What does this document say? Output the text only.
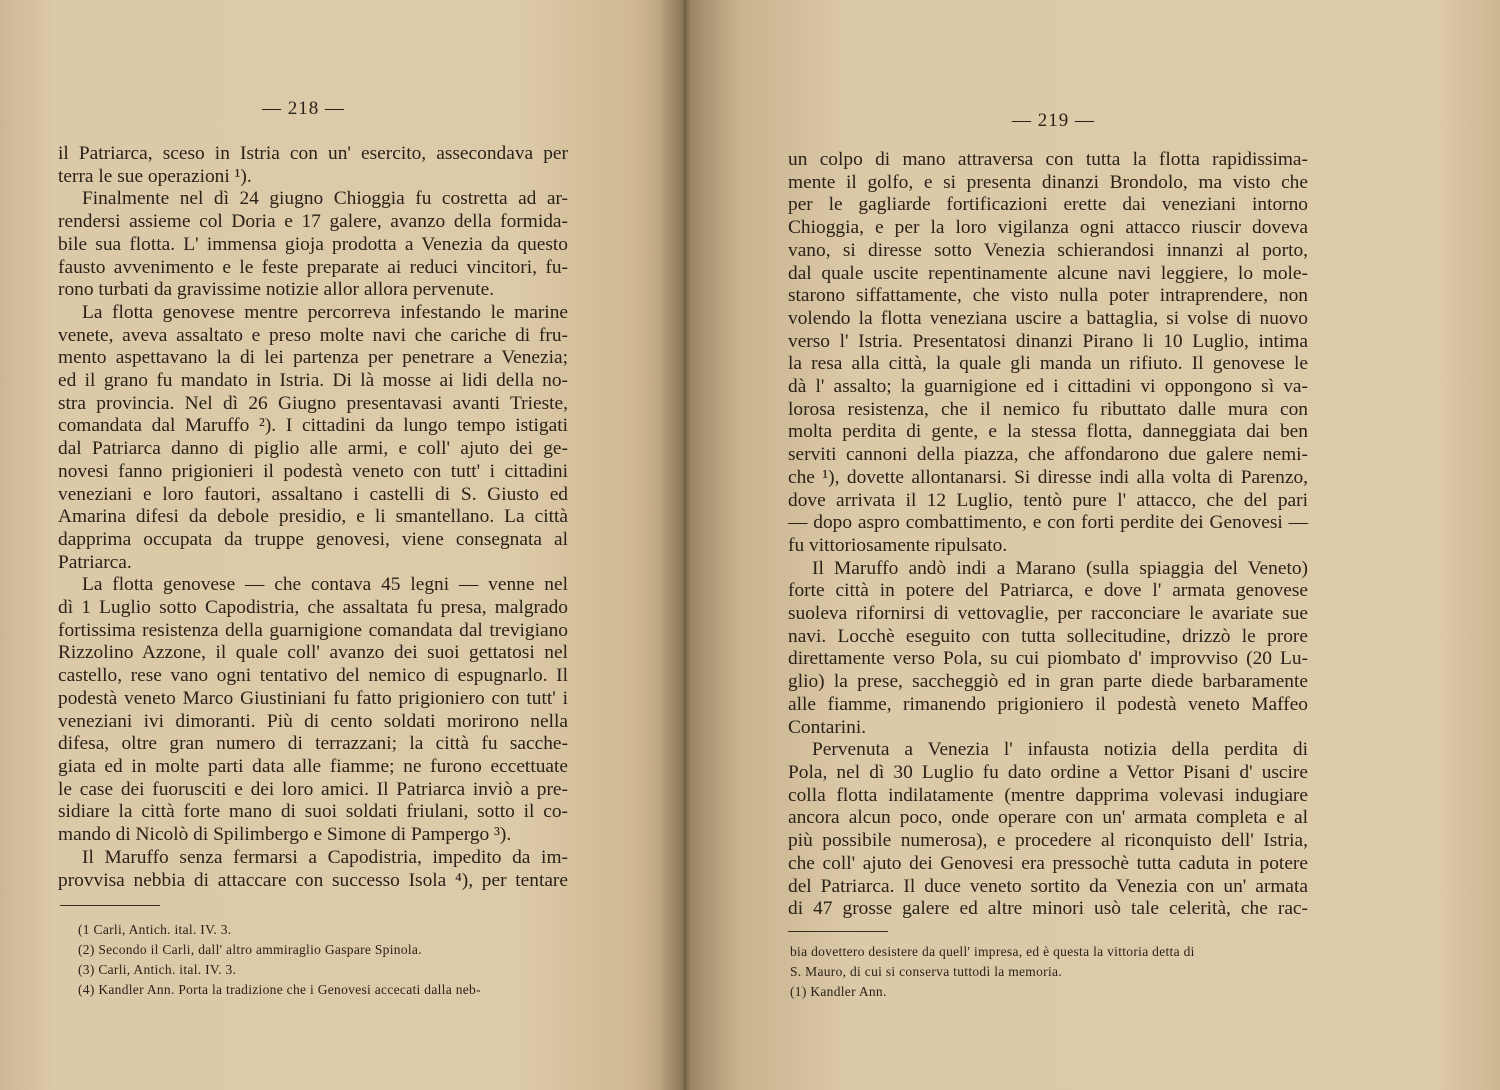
— 218 —
il Patriarca, sceso in Istria con un' esercito, assecondava per
terra le sue operazioni ¹).
Finalmente nel dì 24 giugno Chioggia fu costretta ad ar-
rendersi assieme col Doria e 17 galere, avanzo della formida-
bile sua flotta. L' immensa gioja prodotta a Venezia da questo
fausto avvenimento e le feste preparate ai reduci vincitori, fu-
rono turbati da gravissime notizie allor allora pervenute.
La flotta genovese mentre percorreva infestando le marine
venete, aveva assaltato e preso molte navi che cariche di fru-
mento aspettavano la di lei partenza per penetrare a Venezia;
ed il grano fu mandato in Istria. Di là mosse ai lidi della no-
stra provincia. Nel dì 26 Giugno presentavasi avanti Trieste,
comandata dal Maruffo ²). I cittadini da lungo tempo istigati
dal Patriarca danno di piglio alle armi, e coll' ajuto dei ge-
novesi fanno prigionieri il podestà veneto con tutt' i cittadini
veneziani e loro fautori, assaltano i castelli di S. Giusto ed
Amarina difesi da debole presidio, e li smantellano. La città
dapprima occupata da truppe genovesi, viene consegnata al
Patriarca.
La flotta genovese — che contava 45 legni — venne nel
dì 1 Luglio sotto Capodistria, che assaltata fu presa, malgrado
fortissima resistenza della guarnigione comandata dal trevigiano
Rizzolino Azzone, il quale coll' avanzo dei suoi gettatosi nel
castello, rese vano ogni tentativo del nemico di espugnarlo. Il
podestà veneto Marco Giustiniani fu fatto prigioniero con tutt' i
veneziani ivi dimoranti. Più di cento soldati morirono nella
difesa, oltre gran numero di terrazzani; la città fu sacche-
giata ed in molte parti data alle fiamme; ne furono eccettuate
le case dei fuorusciti e dei loro amici. Il Patriarca inviò a pre-
sidiare la città forte mano di suoi soldati friulani, sotto il co-
mando di Nicolò di Spilimbergo e Simone di Pampergo ³).
Il Maruffo senza fermarsi a Capodistria, impedito da im-
provvisa nebbia di attaccare con successo Isola ⁴), per tentare
(1 Carli, Antich. ital. IV. 3.
(2) Secondo il Carli, dall' altro ammiraglio Gaspare Spinola.
(3) Carli, Antich. ital. IV. 3.
(4) Kandler Ann. Porta la tradizione che i Genovesi accecati dalla neb-
— 219 —
un colpo di mano attraversa con tutta la flotta rapidissima-
mente il golfo, e si presenta dinanzi Brondolo, ma visto che
per le gagliarde fortificazioni erette dai veneziani intorno
Chioggia, e per la loro vigilanza ogni attacco riuscir doveva
vano, si diresse sotto Venezia schierandosi innanzi al porto,
dal quale uscite repentinamente alcune navi leggiere, lo mole-
starono siffattamente, che visto nulla poter intraprendere, non
volendo la flotta veneziana uscire a battaglia, si volse di nuovo
verso l' Istria. Presentatosi dinanzi Pirano li 10 Luglio, intima
la resa alla città, la quale gli manda un rifiuto. Il genovese le
dà l' assalto; la guarnigione ed i cittadini vi oppongono sì va-
lorosa resistenza, che il nemico fu ributtato dalle mura con
molta perdita di gente, e la stessa flotta, danneggiata dai ben
serviti cannoni della piazza, che affondarono due galere nemi-
che ¹), dovette allontanarsi. Si diresse indi alla volta di Parenzo,
dove arrivata il 12 Luglio, tentò pure l' attacco, che del pari
— dopo aspro combattimento, e con forti perdite dei Genovesi —
fu vittoriosamente ripulsato.
Il Maruffo andò indi a Marano (sulla spiaggia del Veneto)
forte città in potere del Patriarca, e dove l' armata genovese
suoleva rifornirsi di vettovaglie, per racconciare le avariate sue
navi. Locchè eseguito con tutta sollecitudine, drizzò le prore
direttamente verso Pola, su cui piombato d' improvviso (20 Lu-
glio) la prese, saccheggiò ed in gran parte diede barbaramente
alle fiamme, rimanendo prigioniero il podestà veneto Maffeo
Contarini.
Pervenuta a Venezia l' infausta notizia della perdita di
Pola, nel dì 30 Luglio fu dato ordine a Vettor Pisani d' uscire
colla flotta indilatamente (mentre dapprima volevasi indugiare
ancora alcun poco, onde operare con un' armata completa e al
più possibile numerosa), e procedere al riconquisto dell' Istria,
che coll' ajuto dei Genovesi era pressochè tutta caduta in potere
del Patriarca. Il duce veneto sortito da Venezia con un' armata
di 47 grosse galere ed altre minori usò tale celerità, che rac-
bia dovettero desistere da quell' impresa, ed è questa la vittoria detta di
S. Mauro, di cui si conserva tuttodì la memoria.
(1) Kandler Ann.
